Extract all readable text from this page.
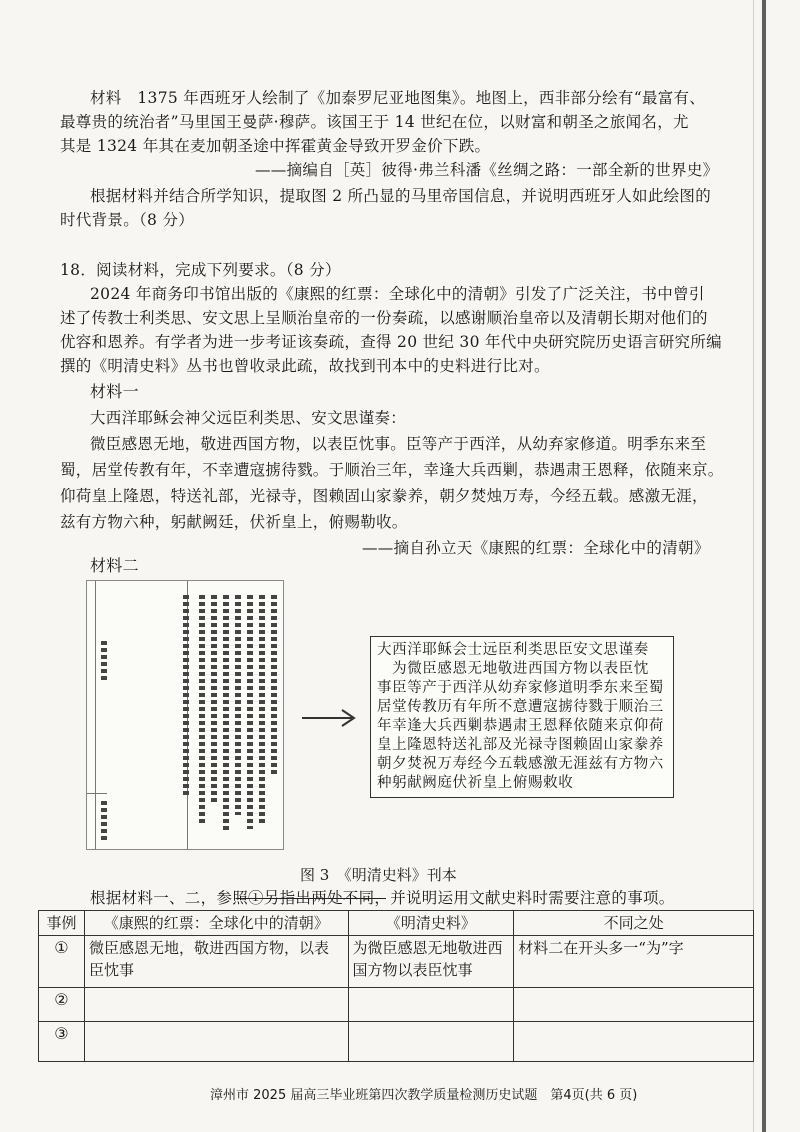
材料　1375 年西班牙人绘制了《加泰罗尼亚地图集》。地图上，西非部分绘有“最富有、
最尊贵的统治者”马里国王曼萨·穆萨。该国王于 14 世纪在位，以财富和朝圣之旅闻名，尤
其是 1324 年其在麦加朝圣途中挥霍黄金导致开罗金价下跌。
——摘编自［英］彼得·弗兰科潘《丝绸之路：一部全新的世界史》
根据材料并结合所学知识，提取图 2 所凸显的马里帝国信息，并说明西班牙人如此绘图的
时代背景。（8 分）
18．阅读材料，完成下列要求。（8 分）
2024 年商务印书馆出版的《康熙的红票：全球化中的清朝》引发了广泛关注，书中曾引
述了传教士利类思、安文思上呈顺治皇帝的一份奏疏，以感谢顺治皇帝以及清朝长期对他们的
优容和恩养。有学者为进一步考证该奏疏，查得 20 世纪 30 年代中央研究院历史语言研究所编
撰的《明清史料》丛书也曾收录此疏，故找到刊本中的史料进行比对。
材料一
大西洋耶稣会神父远臣利类思、安文思谨奏：
微臣感恩无地，敬进西国方物，以表臣忱事。臣等产于西洋，从幼弃家修道。明季东来至
蜀，居堂传教有年，不幸遭寇掳待戮。于顺治三年，幸逢大兵西剿，恭遇肃王恩释，依随来京。
仰荷皇上隆恩，特送礼部，光禄寺，图赖固山家豢养，朝夕焚烛万寿，今经五载。感激无涯，
兹有方物六种，躬献阙廷，伏祈皇上，俯赐勒收。
——摘自孙立天《康熙的红票：全球化中的清朝》
材料二
大西洋耶稣会士远臣利类思臣安文思谨奏
　为微臣感恩无地敬进西国方物以表臣忱
事臣等产于西洋从幼弃家修道明季东来至蜀
居堂传教历有年所不意遭寇掳待戮于顺治三
年幸逢大兵西剿恭遇肃王恩释依随来京仰荷
皇上隆恩特送礼部及光禄寺图赖固山家豢养
朝夕焚祝万寿经今五载感激无涯兹有方物六
种躬献阙庭伏祈皇上俯赐敕收
图 3　《明清史料》刊本
根据材料一、二，参照①另指出两处不同，并说明运用文献史料时需要注意的事项。
事例	《康熙的红票：全球化中的清朝》	《明清史料》	不同之处
①	微臣感恩无地，敬进西国方物，以表臣忱事	为微臣感恩无地敬进西国方物以表臣忱事	材料二在开头多一“为”字
②			
③			
漳州市 2025 届高三毕业班第四次教学质量检测历史试题　第4页(共 6 页)
